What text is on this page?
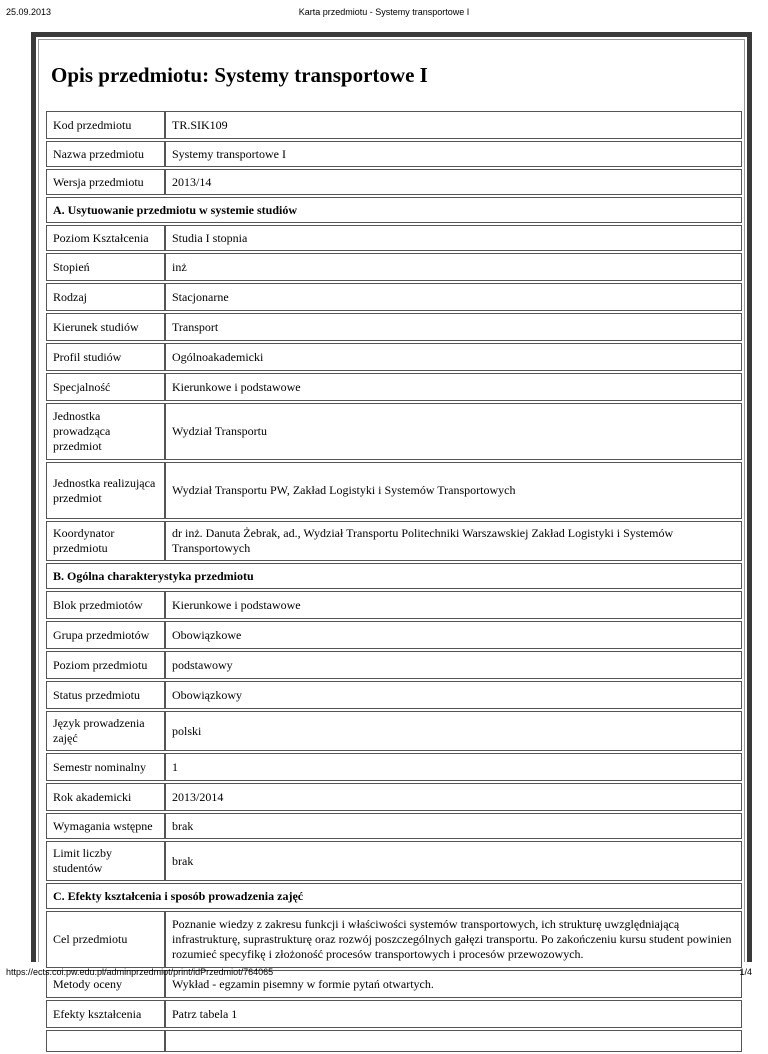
25.09.2013	Karta przedmiotu - Systemy transportowe I
Opis przedmiotu: Systemy transportowe I
Kod przedmiotu	TR.SIK109
Nazwa przedmiotu	Systemy transportowe I
Wersja przedmiotu	2013/14
A. Usytuowanie przedmiotu w systemie studiów	
Poziom Kształcenia	Studia I stopnia
Stopień	inż
Rodzaj	Stacjonarne
Kierunek studiów	Transport
Profil studiów	Ogólnoakademicki
Specjalność	Kierunkowe i podstawowe
Jednostka prowadząca przedmiot	Wydział Transportu
Jednostka realizująca przedmiot	Wydział Transportu PW, Zakład Logistyki i Systemów Transportowych
Koordynator przedmiotu	dr inż. Danuta Żebrak, ad., Wydział Transportu Politechniki Warszawskiej Zakład Logistyki i Systemów Transportowych
B. Ogólna charakterystyka przedmiotu	
Blok przedmiotów	Kierunkowe i podstawowe
Grupa przedmiotów	Obowiązkowe
Poziom przedmiotu	podstawowy
Status przedmiotu	Obowiązkowy
Język prowadzenia zajęć	polski
Semestr nominalny	1
Rok akademicki	2013/2014
Wymagania wstępne	brak
Limit liczby studentów	brak
C. Efekty kształcenia i sposób prowadzenia zajęć	
Cel przedmiotu	Poznanie wiedzy z zakresu funkcji i właściwości systemów transportowych, ich strukturę uwzględniającą infrastrukturę, suprastrukturę oraz rozwój poszczególnych gałęzi transportu. Po zakończeniu kursu student powinien rozumieć specyfikę i złożoność procesów transportowych i procesów przewozowych.
Metody oceny	Wykład - egzamin pisemny w formie pytań otwartych.
Efekty kształcenia	Patrz tabela 1

https://ects.coi.pw.edu.pl/adminprzedmiot/print/idPrzedmiot/764065	1/4
